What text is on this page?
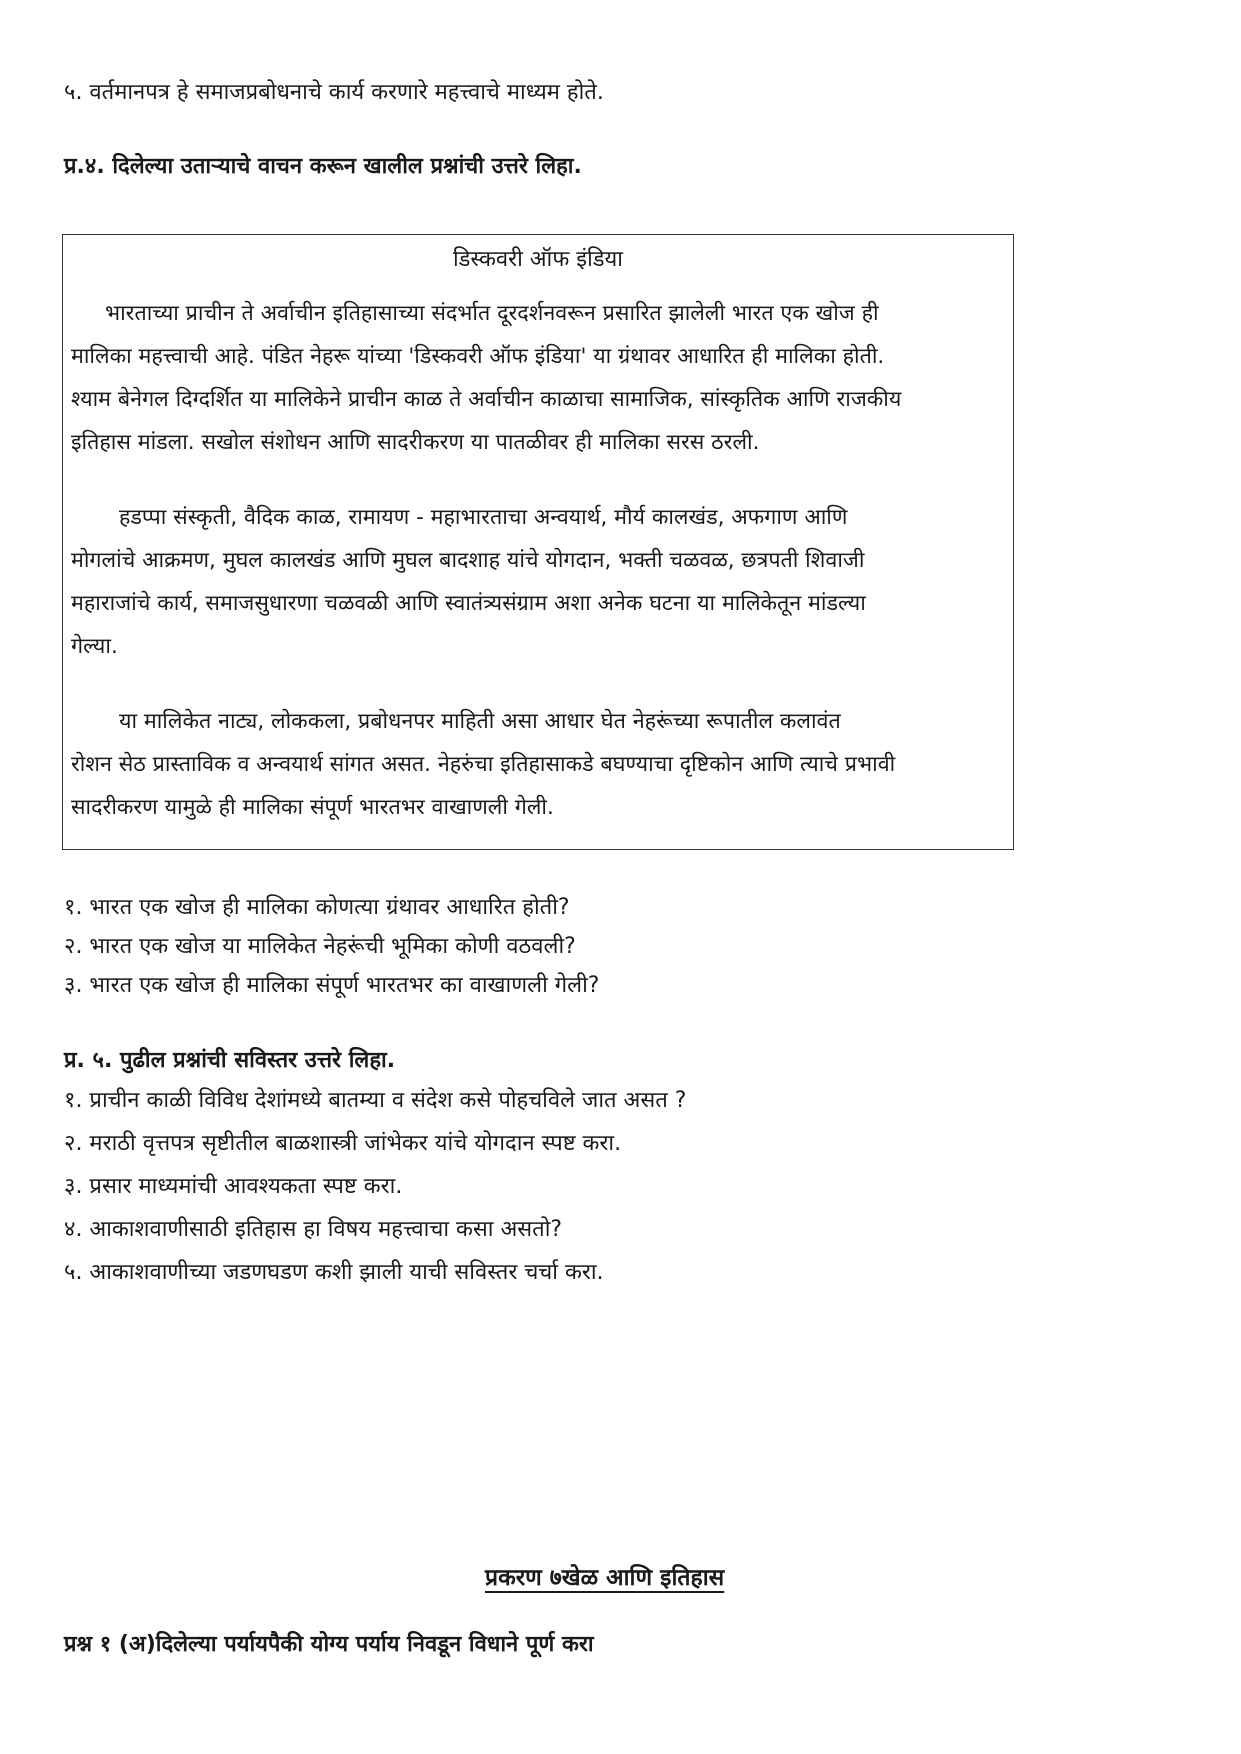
५. वर्तमानपत्र हे समाजप्रबोधनाचे कार्य करणारे महत्त्वाचे माध्यम होते.
प्र.४. दिलेल्या उताऱ्याचे वाचन करून खालील प्रश्नांची उत्तरे लिहा.
डिस्कवरी ऑफ इंडिया
भारताच्या प्राचीन ते अर्वाचीन इतिहासाच्या संदर्भात दूरदर्शनवरून प्रसारित झालेली भारत एक खोज ही
मालिका महत्त्वाची आहे. पंडित नेहरू यांच्या 'डिस्कवरी ऑफ इंडिया' या ग्रंथावर आधारित ही मालिका होती.
श्याम बेनेगल दिग्दर्शित या मालिकेने प्राचीन काळ ते अर्वाचीन काळाचा सामाजिक, सांस्कृतिक आणि राजकीय
इतिहास मांडला. सखोल संशोधन आणि सादरीकरण या पातळीवर ही मालिका सरस ठरली.
हडप्पा संस्कृती, वैदिक काळ, रामायण - महाभारताचा अन्वयार्थ, मौर्य कालखंड, अफगाण आणि
मोगलांचे आक्रमण, मुघल कालखंड आणि मुघल बादशाह यांचे योगदान, भक्ती चळवळ, छत्रपती शिवाजी
महाराजांचे कार्य, समाजसुधारणा चळवळी आणि स्वातंत्र्यसंग्राम अशा अनेक घटना या मालिकेतून मांडल्या
गेल्या.
या मालिकेत नाट्य, लोककला, प्रबोधनपर माहिती असा आधार घेत नेहरूंच्या रूपातील कलावंत
रोशन सेठ प्रास्ताविक व अन्वयार्थ सांगत असत. नेहरुंचा इतिहासाकडे बघण्याचा दृष्टिकोन आणि त्याचे प्रभावी
सादरीकरण यामुळे ही मालिका संपूर्ण भारतभर वाखाणली गेली.
१. भारत एक खोज ही मालिका कोणत्या ग्रंथावर आधारित होती?
२. भारत एक खोज या मालिकेत नेहरूंची भूमिका कोणी वठवली?
३. भारत एक खोज ही मालिका संपूर्ण भारतभर का वाखाणली गेली?
प्र. ५. पुढील प्रश्नांची सविस्तर उत्तरे लिहा.
१. प्राचीन काळी विविध देशांमध्ये बातम्या व संदेश कसे पोहचविले जात असत ?
२. मराठी वृत्तपत्र सृष्टीतील बाळशास्त्री जांभेकर यांचे योगदान स्पष्ट करा.
३. प्रसार माध्यमांची आवश्यकता स्पष्ट करा.
४. आकाशवाणीसाठी इतिहास हा विषय महत्त्वाचा कसा असतो?
५. आकाशवाणीच्या जडणघडण कशी झाली याची सविस्तर चर्चा करा.
प्रकरण ७खेळ आणि इतिहास
प्रश्न १ (अ)दिलेल्या पर्यायपैकी योग्य पर्याय निवडून विधाने पूर्ण करा
